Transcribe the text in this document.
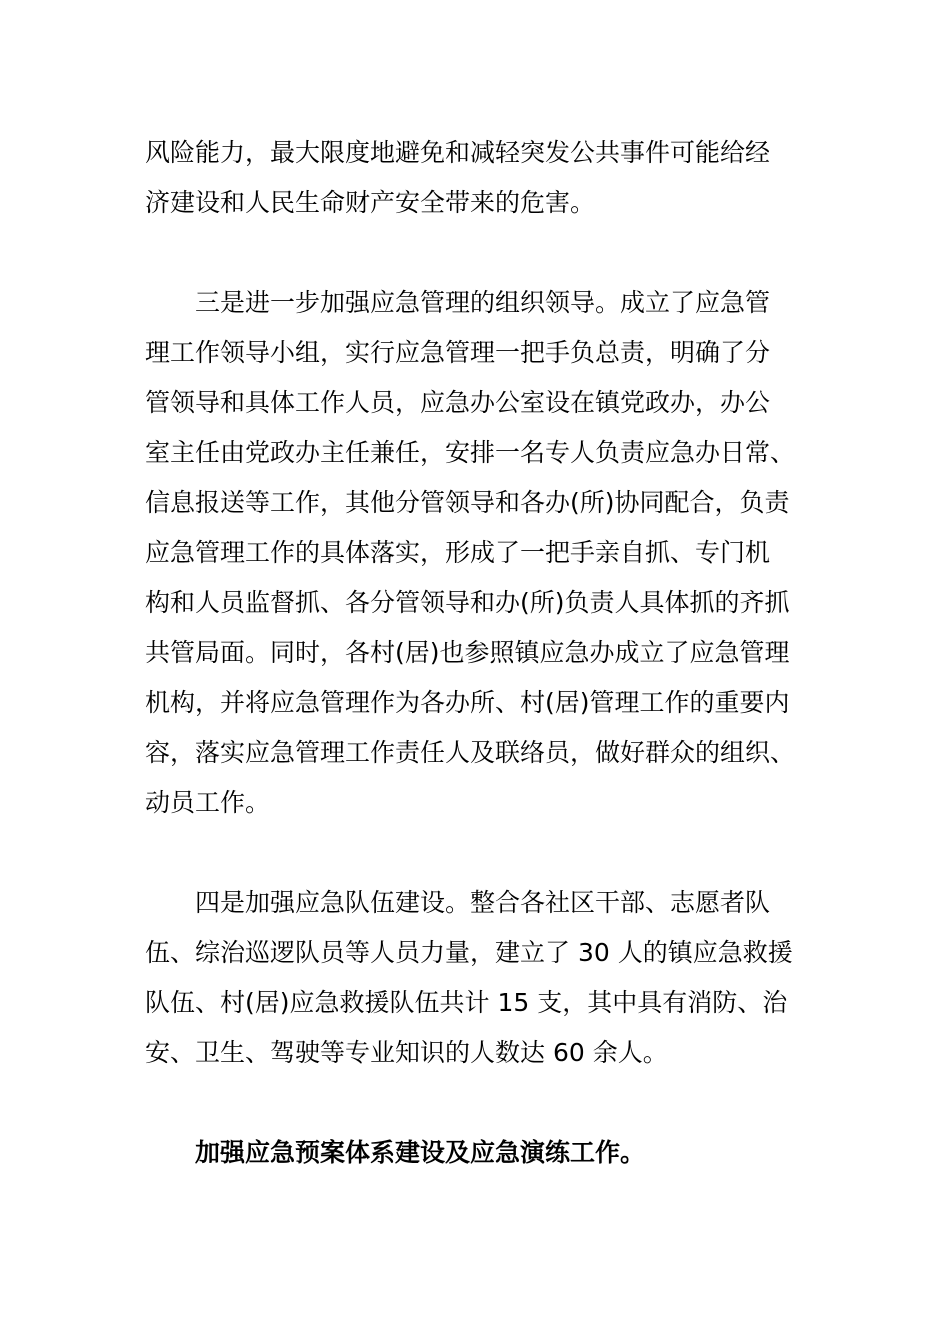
风险能力，最大限度地避免和减轻突发公共事件可能给经
济建设和人民生命财产安全带来的危害。
三是进一步加强应急管理的组织领导。成立了应急管
理工作领导小组，实行应急管理一把手负总责，明确了分
管领导和具体工作人员，应急办公室设在镇党政办，办公
室主任由党政办主任兼任，安排一名专人负责应急办日常、
信息报送等工作，其他分管领导和各办(所)协同配合，负责
应急管理工作的具体落实，形成了一把手亲自抓、专门机
构和人员监督抓、各分管领导和办(所)负责人具体抓的齐抓
共管局面。同时，各村(居)也参照镇应急办成立了应急管理
机构，并将应急管理作为各办所、村(居)管理工作的重要内
容，落实应急管理工作责任人及联络员，做好群众的组织、
动员工作。
四是加强应急队伍建设。整合各社区干部、志愿者队
伍、综治巡逻队员等人员力量，建立了 30 人的镇应急救援
队伍、村(居)应急救援队伍共计 15 支，其中具有消防、治
安、卫生、驾驶等专业知识的人数达 60 余人。
加强应急预案体系建设及应急演练工作。
